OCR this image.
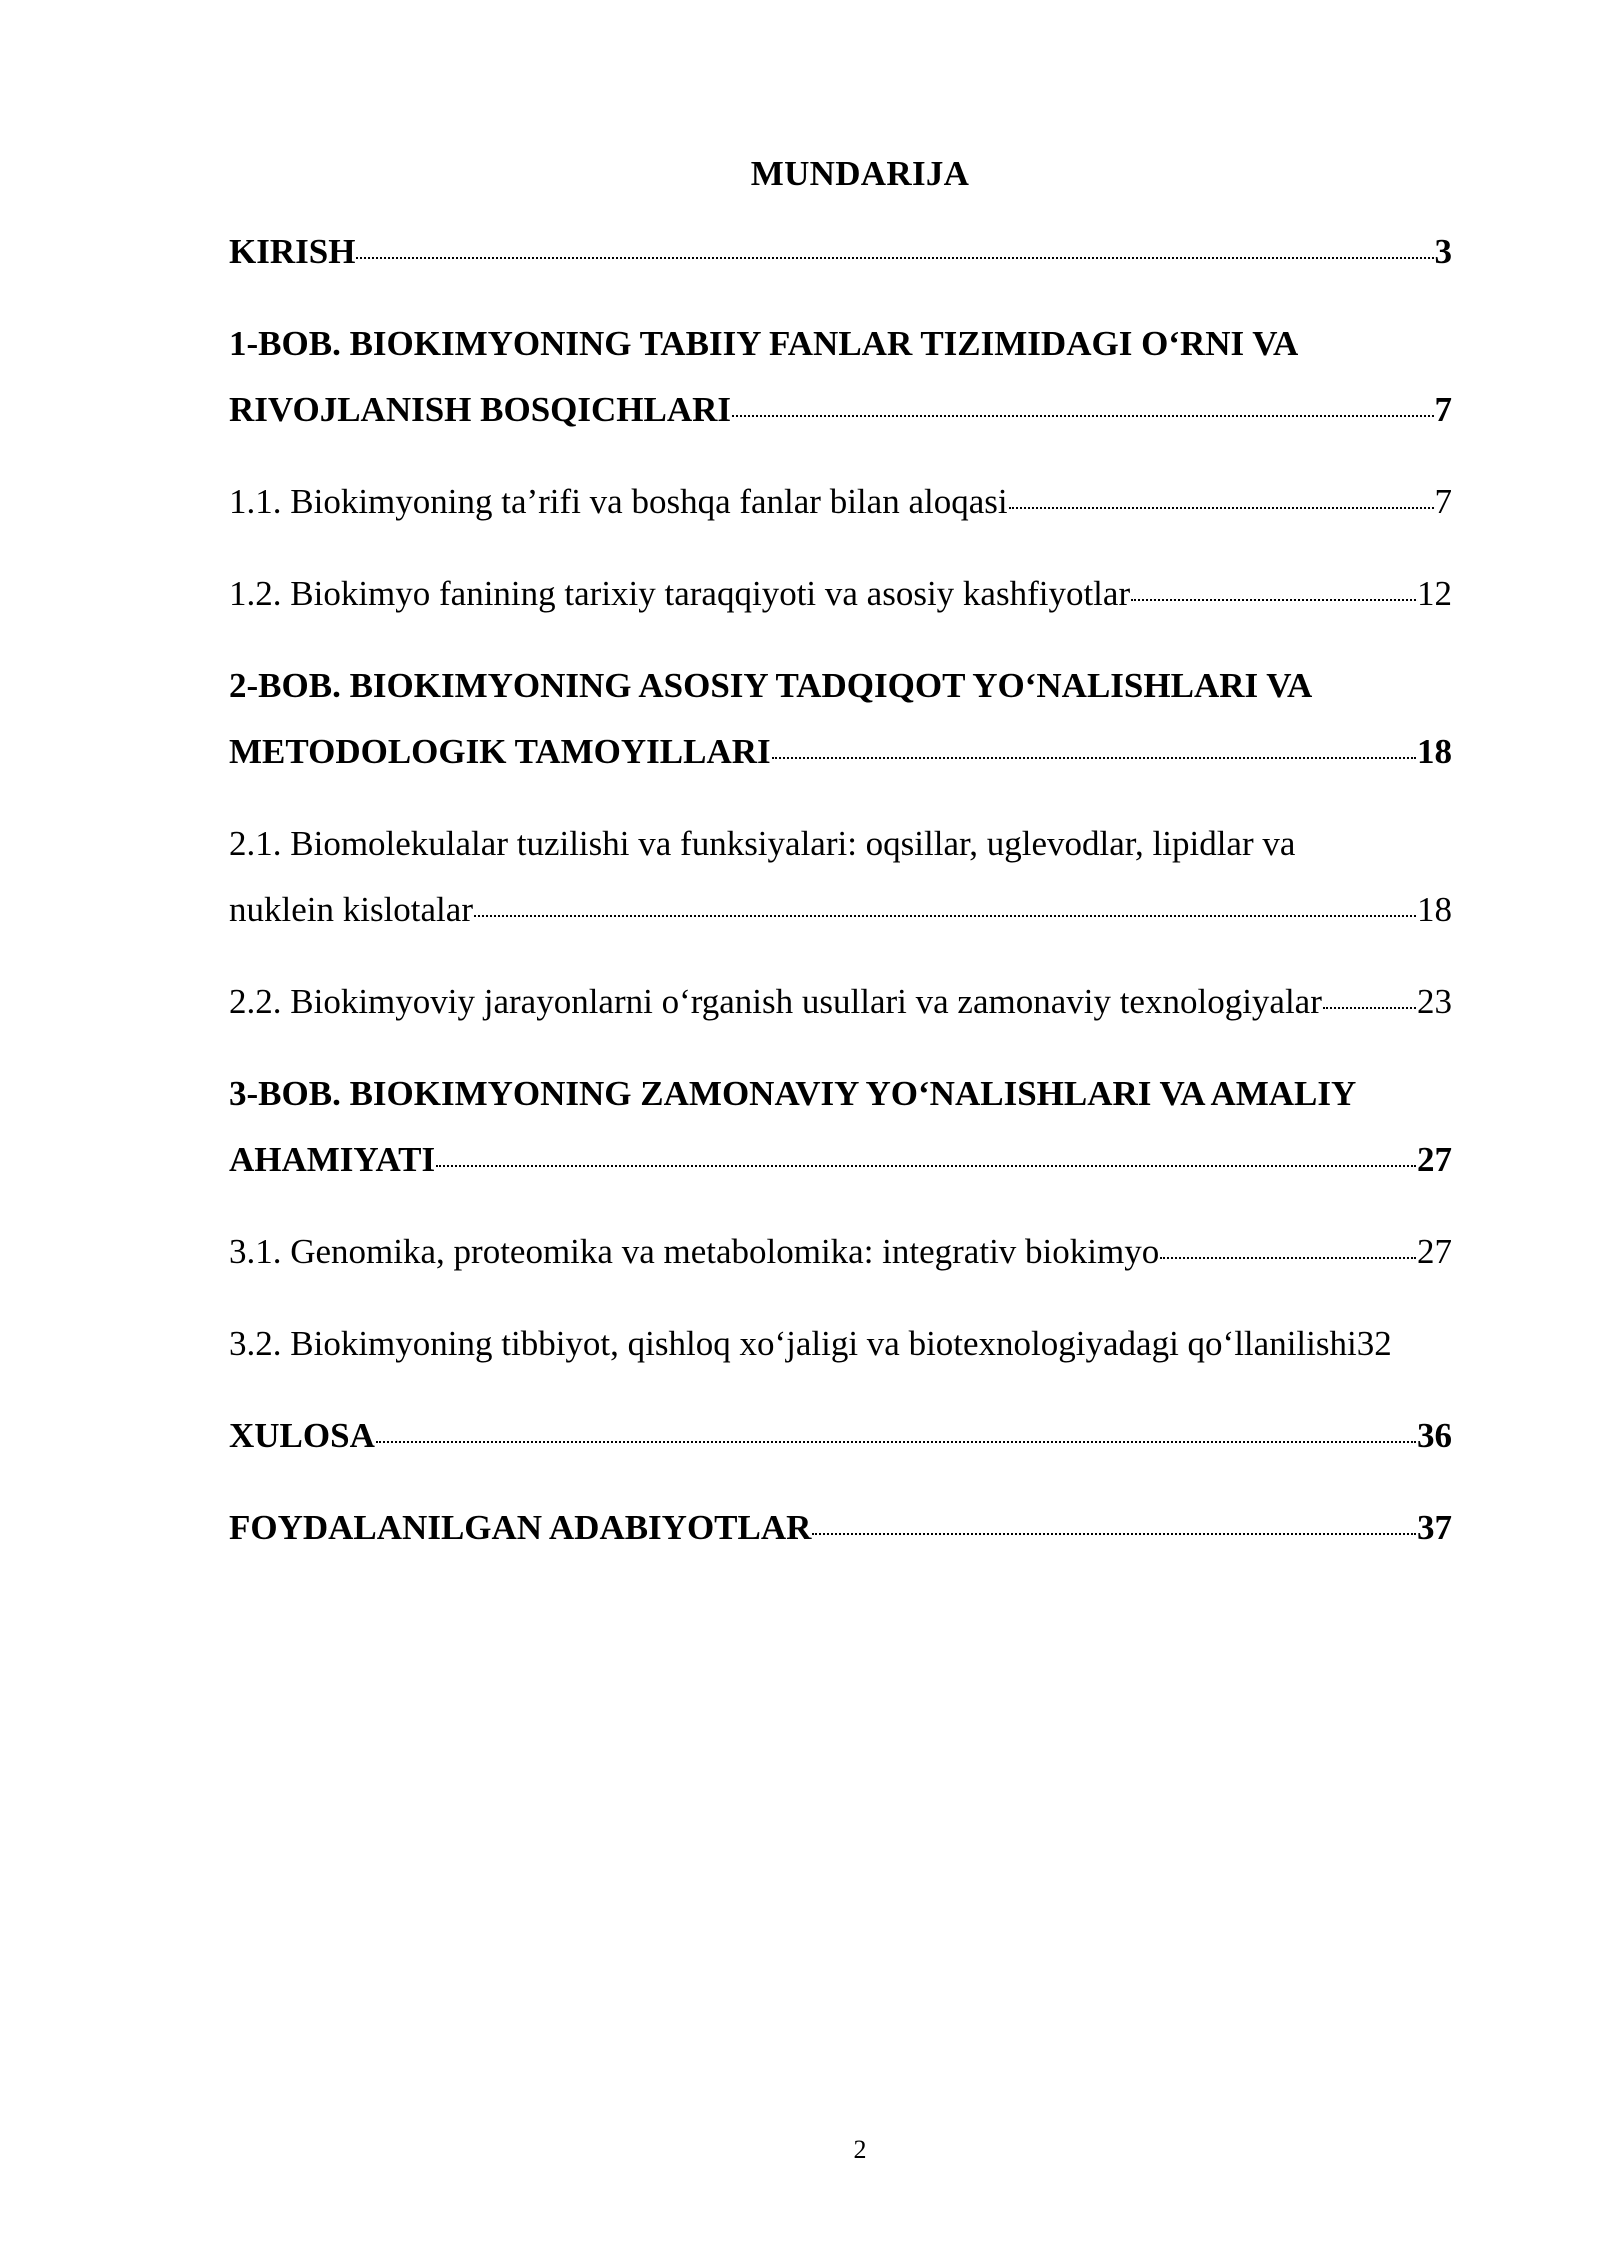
MUNDARIJA
KIRISH	3
1-BOB. BIOKIMYONING TABIIY FANLAR TIZIMIDAGI O‘RNI VA
RIVOJLANISH BOSQICHLARI	7
1.1. Biokimyoning ta’rifi va boshqa fanlar bilan aloqasi	7
1.2. Biokimyo fanining tarixiy taraqqiyoti va asosiy kashfiyotlar	12
2-BOB. BIOKIMYONING ASOSIY TADQIQOT YO‘NALISHLARI VA
METODOLOGIK TAMOYILLARI	18
2.1. Biomolekulalar tuzilishi va funksiyalari: oqsillar, uglevodlar, lipidlar va
nuklein kislotalar	18
2.2. Biokimyoviy jarayonlarni o‘rganish usullari va zamonaviy texnologiyalar	23
3-BOB. BIOKIMYONING ZAMONAVIY YO‘NALISHLARI VA AMALIY
AHAMIYATI	27
3.1. Genomika, proteomika va metabolomika: integrativ biokimyo	27
3.2. Biokimyoning tibbiyot, qishloq xo‘jaligi va biotexnologiyadagi qo‘llanilishi 32
XULOSA	36
FOYDALANILGAN ADABIYOTLAR	37
2
